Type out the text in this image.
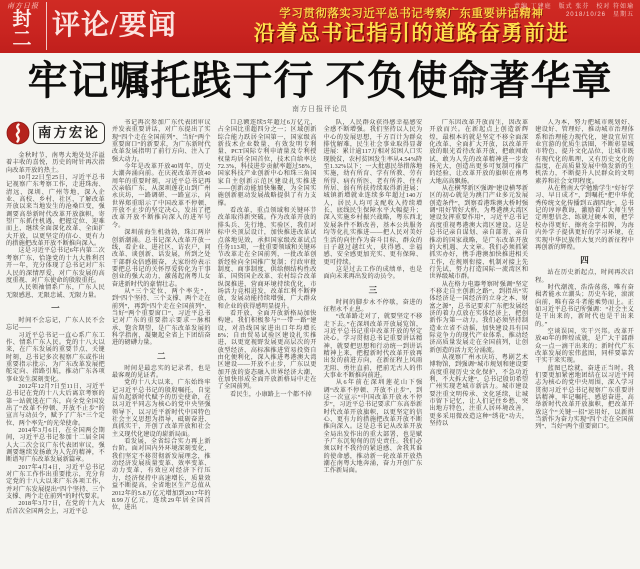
南方日报
封二 评论/要闻	学习贯彻落实习近平总书记考察广东重要讲话精神
沿着总书记指引的道路奋勇前进
责编 丁建庭　版式 张芬　校对 符如瑜
2018/10/26　星期五
牢记嘱托践于行 不负使命著华章
南方日报评论员
南方宏论

金秋时节，南粤大地处处洋溢着丰收的喜悦，历史的时针再次指向改革开放的热土。

10月22日至25日，习近平总书记视察广东考察工作，走进珠海、清远、深圳、广州等地，深入企业、高校、乡村、社区，了解改革开放以来当地发生的沧桑巨变，强调要高举新时代改革开放旗帜，寄望广东抓住机遇、把握定位、迎难而上，继续全面深化改革、全面扩大开放，以更坚定的信心、更有力的措施把改革开放不断推向深入。

这是习近平总书记6年内第二次考察广东，恰逢党的十九大胜利召开一年，充分体现了总书记对广东人民的深情厚爱、对广东发展的高度重视、对广东使命的殷殷重托。

人民领袖情系广东，广东人民无限感恩、无限忠诚、无限力量。

一

时间不会忘记，广东人民不会忘记——

习近平总书记一直心系广东工作、情系广东人民。党的十八大以来，在广东发展的重要节点、关键时刻，总书记多次视察广东或作出重要指示批示，为广东改革发展把舵定向、指路引航，推动广东各项事业发生深刻变化。

2012年12月7日至11日，习近平总书记在党的十八大后离京考察的第一站就选在广东，向全党全国发出了“改革不停顿、开放不止步”的宣言与动员令，赋予了广东“三个定位、两个率先”的光荣使命。

2014年3月6日，在全国两会期间，习近平总书记参加十二届全国人大二次会议广东代表团审议，强调要继续发扬敢为人先的精神，不断谱写广东改革发展新篇章。

2017年4月4日，习近平总书记对广东工作作出重要批示，充分肯定党的十八大以来广东各项工作，并对广东发展提出“四个坚持、三个支撑、两个走在前列”的时代要求。

2018年3月7日，在党的十九大后首次全国两会上，习近平总

书记再次参加广东代表团审议并发表重要讲话，对广东提出了实现“四个走在全国前列”、当好“两个重要窗口”的新要求，为广东新时代改革发展指明了前行方向、注入了强大动力。

今年是改革开放40周年，历史大潮奔涌向前。在庆祝改革开放40周年的重要时刻，习近平总书记再次亲临广东，从深圳莲花山到广州永庆坊，一路调研、一路宣示，向世界郑重昭示了中国改革不停顿、开放不止步的坚定决心，发出了把改革开放不断推向深入的进军号令。

深圳前海生机勃勃，珠江两岸创新潮涌。总书记深入改革开放一线，看企业、进社区、访农户，问改革、谈创新、话发展，所到之处干部群众倍感振奋，大家纷纷表示要把总书记的关怀厚爱转化为干事创业的强大动力，激荡起南粤儿女奋进新时代的豪情壮志。

从“三个定位、两个率先”，到“四个坚持、三个支撑、两个走在前列”，再到“四个走在全国前列”、当好“两个重要窗口”，习近平总书记对广东的重要指示要求一脉相承、饱含期望，是广东改革发展的科学指南，凝聚起全省上下团结奋进的磅礴力量。

二

时间是最忠实的记录者，也是最客观的见证者。

党的十八大以来，广东始终牢记习近平总书记的殷殷嘱托，自觉肩负起新时代赋予的历史使命，在以习近平同志为核心的党中央坚强领导下，以习近平新时代中国特色社会主义思想为指导，砥砺奋进、真抓实干，开创了改革开放和社会主义现代化建设的崭新局面。

看发展，全省综合实力再上新台阶。面对国内外环境深刻变化，我们坚定不移贯彻新发展理念，推动经济发展质量变革、效率变革、动力变革，有效应对经济下行压力，经济保持中高速增长，质量效益不断提高，全省地区生产总值从2012年的5.8万亿元增加到2017年的8.99万亿元，连续29年居全国首位，进出

口总额连续5年超过6万亿元，占全国比重超四分之一；区域创新综合能力跃居全国第一，国家级高新技术企业数量、有效发明专利量、PCT国际专利申请量及专利授权量均居全国首位，技术自给率达72.3%，科技进步贡献率超过58%，国家科技产业创新中心和珠三角国家自主创新示范区建设扎实推进——创新动能加快集聚，为全国实施创新驱动发展战略提供了有力支撑。

看改革，重点领域和关键环节改革取得新突破。作为改革开放的排头兵、先行地、实验区，我们对标中央顶层设计，加快推进改革试点落地见效，承担国家级改革试点任务113项，一批重要领域和关键环节改革走在全国前列，一批改革创新经验向全国推广复制；行政审批制度、商事制度、供给侧结构性改革、国资国企改革、农村综合改革纵深推进，营商环境持续优化，市场活力竞相迸发，改革红利不断释放，发展动能持续增强，广大群众和企业的获得感明显提升。

看开放，全面开放新格局加快构建。我们积极参与“一带一路”建设，对沿线国家进出口年均增长8%；自由贸易试验区建设扎实推进，以更宽视野发展更高层次的开放型经济，高标准推进贸易投资自由化便利化，深入推进粤港澳大湾区建设——开放不止步，广东以更加开放的姿态融入世界经济大潮，在加快形成全面开放新格局中走在了全国前列。

看民生，小康路上一个都不掉

队，人民群众获得感幸福感安全感不断增强。我们坚持以人民为中心的发展思想，千方百计为群众排忧解难，民生社会事业取得显著进展：累计逾117万相对贫困人口实现脱贫，农村贫困发生率从4.54%降至1.32%以下；一大批惠民举措落地实施，幼有所育、学有所教、劳有所得、病有所医、老有所养、住有所居、弱有所扶持续取得新进展；城镇新增就业连续多年超过140万人，居民人均可支配收入持续增长，底线民生保障水平大幅提升；深入实施乡村振兴战略，粤东西北发展条件不断改善，基本公共服务均等化扎实推进——把人民对美好生活的向往作为奋斗目标，群众的日子越过越红火，获得感、幸福感、安全感更加充实、更有保障、更可持续。

这是过去工作的成绩单，也是面向未来再出发的动员令。

三

时间的脚步永不停歇，奋进的征程永不止息。

“改革路走对了，就要坚定不移走下去。”在深圳改革开放展览馆，习近平总书记重申改革开放的坚定决心。学习贯彻总书记重要讲话精神，就要把思想和行动统一到讲话精神上来，把握新时代改革开放再出发的前进方向，在新征程上风雨无阻、勇往直前，把前无古人的伟大事业不断推向前进。

从6年前在深圳莲花山下强调“改革不停顿、开放不止步”，到这一次宣示“中国改革开放永不停步”，习近平总书记要求广东高举新时代改革开放旗帜，以更坚定的信心、更有力的措施把改革开放不断推向深入。这是总书记从改革开放全局出发作出的重大部署，也是赋予广东沉甸甸的历史责任。我们必须以时不我待的紧迫感、舍我其谁的使命感，推动新一轮改革开放热潮在南粤大地奔涌，奋力开创广东工作新局面。

广东因改革开放而生，因改革开放而兴。在新起点上创造新辉煌，最根本的就是坚定不移全面深化改革、全面扩大开放，以改革开放的眼光看待改革开放，把敢闯敢试、敢为人先的改革精神进一步发扬光大，创造出更多可复制可推广的经验，让改革开放的旗帜在南粤大地高高飘扬。

从在横琴新区强调“建设横琴新区的初心就是为澳门产业多元发展创造条件”，到察看港珠澳大桥时强调“用好管好大桥，为粤港澳大湾区建设发挥重要作用”，习近平总书记高度重视粤港澳大湾区建设。这是总书记亲自谋划、亲自部署、亲自推动的国家战略，是广东改革开放的大机遇、大文章。我们必须抓紧抓实办好，携手港澳加快推进相关工作，在规则衔接、机制对接上先行先试，努力打造国际一流湾区和世界级城市群。

从在格力电器考察时强调“坚定不移走自主创新之路”，到指出“实体经济是一国经济的立身之本、财富之源”，总书记要求广东把发展经济的着力点放在实体经济上，把创新作为第一动力。我们必须坚持制造业立省不动摇，加快建设具有国际竞争力的现代产业体系，推动经济高质量发展走在全国前列，让创新创造的活力充分涌流。

从视察广州永庆坊、粤剧艺术博物馆，到强调“城市规划和建设要高度重视历史文化保护，不急功近利，不大拆大建”，总书记殷切希望广州实现老城市新活力。城市建设要注重文明传承、文化延续，让城市留下记忆，让人们记住乡愁，突出地方特色，注重人居环境改善，更多采用微改造这种“绣花”功夫，坚持以

人为本，努力把城市规划好、建设好、管理好，推动城市治理体系和治理能力现代化，建设宜居宜业宜游的优质生活圈，不断彰显城市特色、提升文化品位，让城市既有现代化的肌理，又有历史文化的温度，在高质量发展中焕发新的生机活力，不断提升人民群众的文明素养和社会文明程度。

从在暨南大学勉励学生“好好学习、早日成才”，到嘱托“把中华优秀传统文化传播到五湖四海”，总书记的谆谆教诲，激励着广大师生坚定理想信念、练就过硬本领，把学校办得更好、擦亮金字招牌，为海内外学子提供更好的学习环境，在实现中华民族伟大复兴的新征程中再创新的辉煌。

四

站在历史新起点，时间再次启程。

时代潮流，浩浩荡荡，唯有奋楫者能永立潮头；历史车轮，滚滚向前，唯有奋斗者能乘势而上。正如习近平总书记所强调：“社会主义是干出来的，新时代也是干出来的。”

空谈误国，实干兴邦。改革开放40年的辉煌成就，是广大干部群众一点一滴干出来的；新时代广东改革发展的宏伟蓝图，同样要靠苦干实干来实现。

蓝图已绘就，奋进正当时。我们要更加紧密地团结在以习近平同志为核心的党中央周围，深入学习贯彻习近平总书记视察广东重要讲话精神，牢记嘱托、感恩奋进，高举新时代改革开放旗帜，把改革开放这个“关键一招”运用好，以新担当新作为奋力实现“四个走在全国前列”、当好“两个重要窗口”。
